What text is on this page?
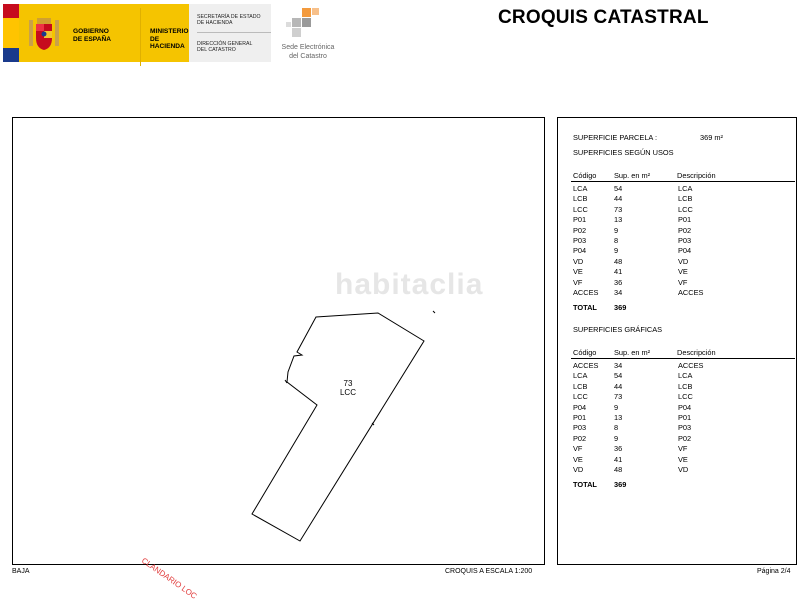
GOBIERNO
DE ESPAÑA
MINISTERIO
DE HACIENDA
SECRETARÍA DE ESTADO
DE HACIENDA
DIRECCIÓN GENERAL
DEL CATASTRO	Sede Electrónica
del Catastro
CROQUIS CATASTRAL
habitaclia
73
LCC
CLANDARIO LOC
BAJA	CROQUIS A ESCALA 1:200	Página 2/4
SUPERFICIE PARCELA :	369 m²
SUPERFICIES SEGÚN USOS
Código Sup. en m²	Descripción
LCA	54	LCA
LCB	44	LCB
LCC	73	LCC
P01	13	P01
P02	9	P02
P03	8	P03
P04	9	P04
VD	48	VD
VE	41	VE
VF	36	VF
ACCES 34	ACCES
TOTAL 369
SUPERFICIES GRÁFICAS
Código Sup. en m²	Descripción
ACCES 34	ACCES
LCA	54	LCA
LCB	44	LCB
LCC	73	LCC
P04	9	P04
P01	13	P01
P03	8	P03
P02	9	P02
VF	36	VF
VE	41	VE
VD	48	VD
TOTAL 369
